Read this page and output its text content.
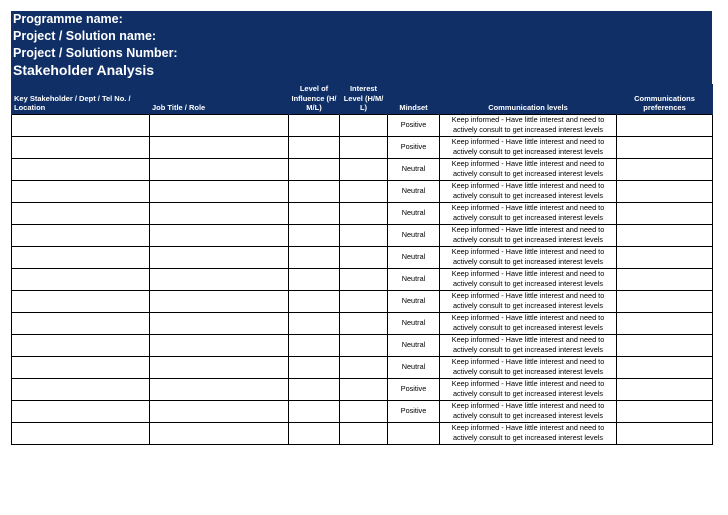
Programme name:
Project / Solution name:
Project / Solutions Number:
Stakeholder Analysis
Key Stakeholder / Dept / Tel No. / Location	Job Title / Role	Level of Influence (H/ M/L)	Interest Level (H/M/ L)	Mindset	Communication levels	Communications preferences
				Positive	Keep informed - Have little interest and need to actively consult to get increased interest levels	
				Positive	Keep informed - Have little interest and need to actively consult to get increased interest levels	
				Neutral	Keep informed - Have little interest and need to actively consult to get increased interest levels	
				Neutral	Keep informed - Have little interest and need to actively consult to get increased interest levels	
				Neutral	Keep informed - Have little interest and need to actively consult to get increased interest levels	
				Neutral	Keep informed - Have little interest and need to actively consult to get increased interest levels	
				Neutral	Keep informed - Have little interest and need to actively consult to get increased interest levels	
				Neutral	Keep informed - Have little interest and need to actively consult to get increased interest levels	
				Neutral	Keep informed - Have little interest and need to actively consult to get increased interest levels	
				Neutral	Keep informed - Have little interest and need to actively consult to get increased interest levels	
				Neutral	Keep informed - Have little interest and need to actively consult to get increased interest levels	
				Neutral	Keep informed - Have little interest and need to actively consult to get increased interest levels	
				Positive	Keep informed - Have little interest and need to actively consult to get increased interest levels	
				Positive	Keep informed - Have little interest and need to actively consult to get increased interest levels	
					Keep informed - Have little interest and need to actively consult to get increased interest levels	
